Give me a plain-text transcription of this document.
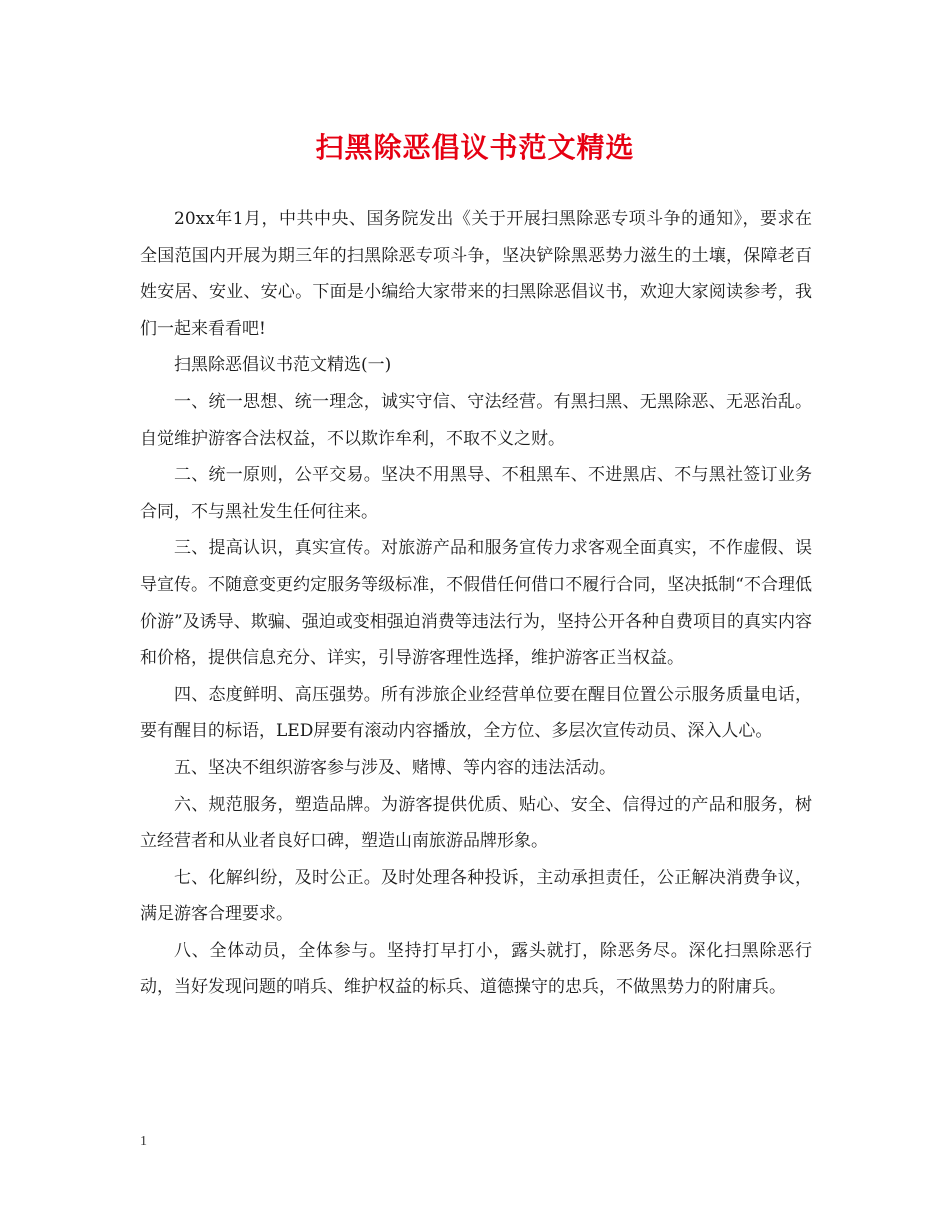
扫黑除恶倡议书范文精选

20xx年1月，中共中央、国务院发出《关于开展扫黑除恶专项斗争的通知》，要求在全国范国内开展为期三年的扫黑除恶专项斗争，坚决铲除黑恶势力滋生的土壤，保障老百姓安居、安业、安心。下面是小编给大家带来的扫黑除恶倡议书，欢迎大家阅读参考，我们一起来看看吧!

扫黑除恶倡议书范文精选(一)

一、统一思想、统一理念，诚实守信、守法经营。有黑扫黑、无黑除恶、无恶治乱。自觉维护游客合法权益，不以欺诈牟利，不取不义之财。

二、统一原则，公平交易。坚决不用黑导、不租黑车、不进黑店、不与黑社签订业务合同，不与黑社发生任何往来。

三、提高认识，真实宣传。对旅游产品和服务宣传力求客观全面真实，不作虚假、误导宣传。不随意变更约定服务等级标准，不假借任何借口不履行合同，坚决抵制“不合理低价游”及诱导、欺骗、强迫或变相强迫消费等违法行为，坚持公开各种自费项目的真实内容和价格，提供信息充分、详实，引导游客理性选择，维护游客正当权益。

四、态度鲜明、高压强势。所有涉旅企业经营单位要在醒目位置公示服务质量电话，要有醒目的标语，LED屏要有滚动内容播放，全方位、多层次宣传动员、深入人心。

五、坚决不组织游客参与涉及、赌博、等内容的违法活动。

六、规范服务，塑造品牌。为游客提供优质、贴心、安全、信得过的产品和服务，树立经营者和从业者良好口碑，塑造山南旅游品牌形象。

七、化解纠纷，及时公正。及时处理各种投诉，主动承担责任，公正解决消费争议，满足游客合理要求。

八、全体动员，全体参与。坚持打早打小，露头就打，除恶务尽。深化扫黑除恶行动，当好发现问题的哨兵、维护权益的标兵、道德操守的忠兵，不做黑势力的附庸兵。

1
